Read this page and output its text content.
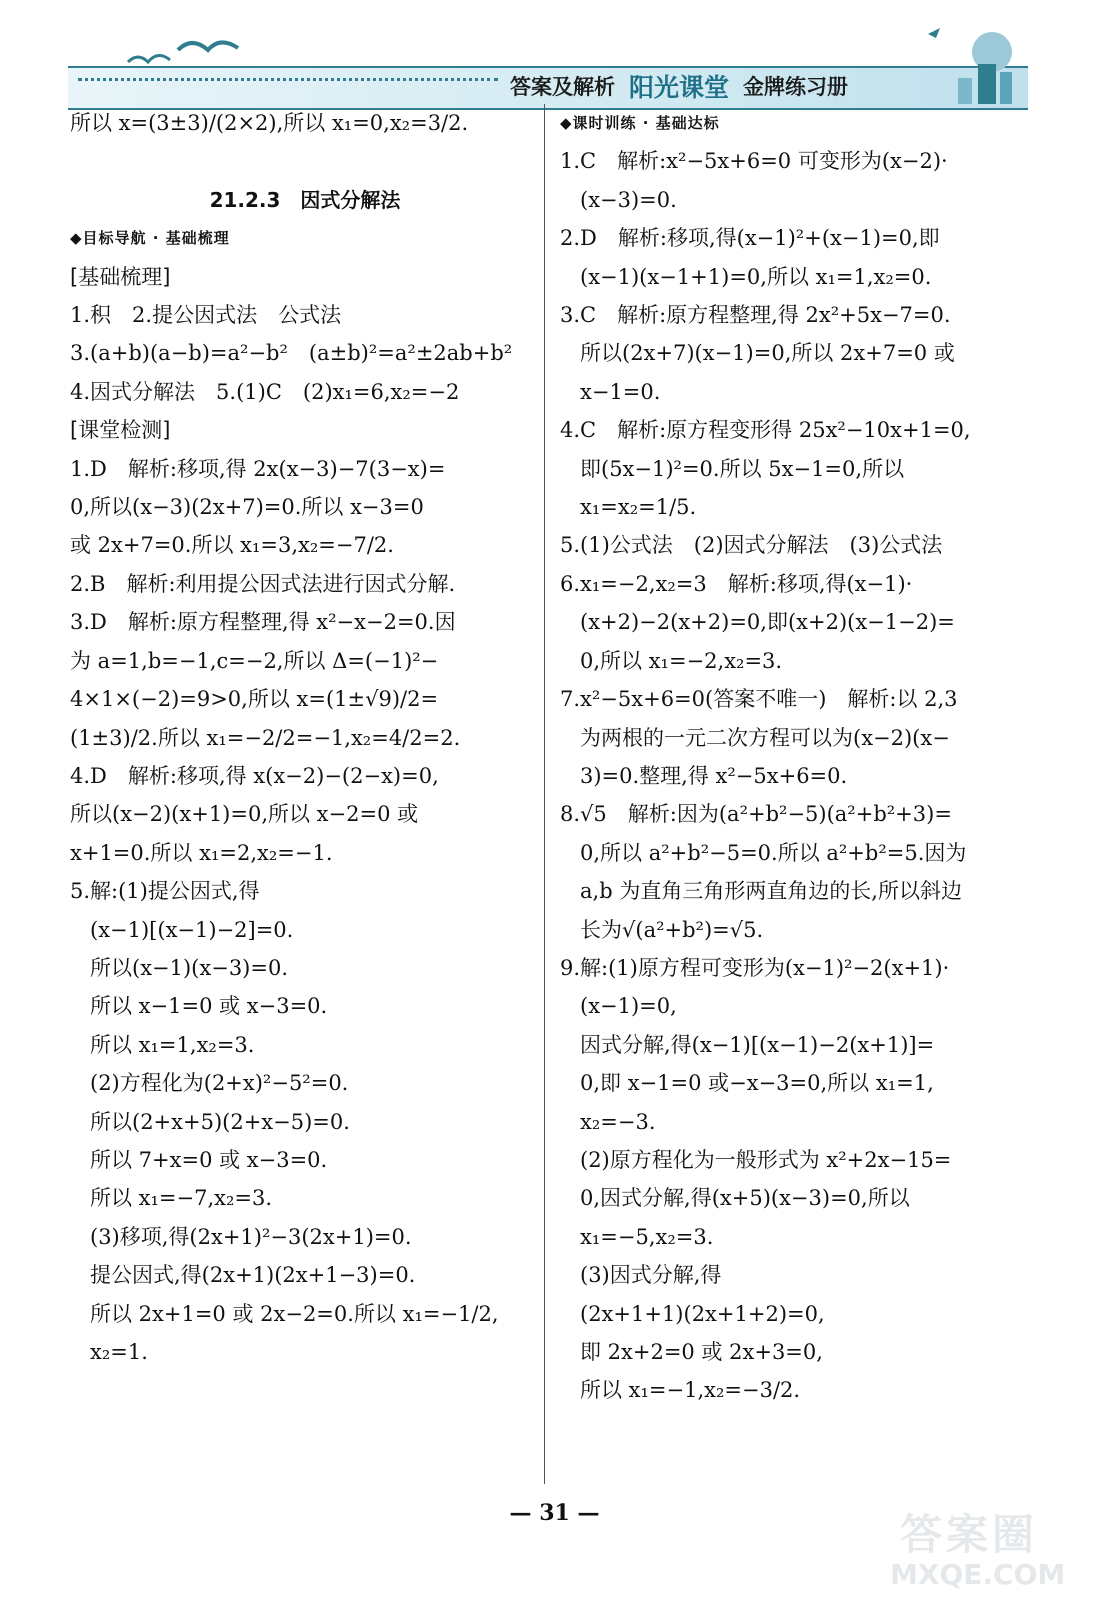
答案及解析 阳光课堂 金牌练习册
所以 x=(3±3)/(2×2),所以 x₁=0,x₂=3/2.

21.2.3　因式分解法
◆目标导航 · 基础梳理
[基础梳理]
1.积　2.提公因式法　公式法
3.(a+b)(a−b)=a²−b²　(a±b)²=a²±2ab+b²
4.因式分解法　5.(1)C　(2)x₁=6,x₂=−2
[课堂检测]
1.D　解析:移项,得 2x(x−3)−7(3−x)=
0,所以(x−3)(2x+7)=0.所以 x−3=0
或 2x+7=0.所以 x₁=3,x₂=−7/2.
2.B　解析:利用提公因式法进行因式分解.
3.D　解析:原方程整理,得 x²−x−2=0.因
为 a=1,b=−1,c=−2,所以 Δ=(−1)²−
4×1×(−2)=9>0,所以 x=(1±√9)/2=
(1±3)/2.所以 x₁=−2/2=−1,x₂=4/2=2.
4.D　解析:移项,得 x(x−2)−(2−x)=0,
所以(x−2)(x+1)=0,所以 x−2=0 或
x+1=0.所以 x₁=2,x₂=−1.
5.解:(1)提公因式,得
(x−1)[(x−1)−2]=0.
所以(x−1)(x−3)=0.
所以 x−1=0 或 x−3=0.
所以 x₁=1,x₂=3.
(2)方程化为(2+x)²−5²=0.
所以(2+x+5)(2+x−5)=0.
所以 7+x=0 或 x−3=0.
所以 x₁=−7,x₂=3.
(3)移项,得(2x+1)²−3(2x+1)=0.
提公因式,得(2x+1)(2x+1−3)=0.
所以 2x+1=0 或 2x−2=0.所以 x₁=−1/2,
x₂=1.
◆课时训练 · 基础达标
1.C　解析:x²−5x+6=0 可变形为(x−2)·
(x−3)=0.
2.D　解析:移项,得(x−1)²+(x−1)=0,即
(x−1)(x−1+1)=0,所以 x₁=1,x₂=0.
3.C　解析:原方程整理,得 2x²+5x−7=0.
所以(2x+7)(x−1)=0,所以 2x+7=0 或
x−1=0.
4.C　解析:原方程变形得 25x²−10x+1=0,
即(5x−1)²=0.所以 5x−1=0,所以
x₁=x₂=1/5.
5.(1)公式法　(2)因式分解法　(3)公式法
6.x₁=−2,x₂=3　解析:移项,得(x−1)·
(x+2)−2(x+2)=0,即(x+2)(x−1−2)=
0,所以 x₁=−2,x₂=3.
7.x²−5x+6=0(答案不唯一)　解析:以 2,3
为两根的一元二次方程可以为(x−2)(x−
3)=0.整理,得 x²−5x+6=0.
8.√5　解析:因为(a²+b²−5)(a²+b²+3)=
0,所以 a²+b²−5=0.所以 a²+b²=5.因为
a,b 为直角三角形两直角边的长,所以斜边
长为√(a²+b²)=√5.
9.解:(1)原方程可变形为(x−1)²−2(x+1)·
(x−1)=0,
因式分解,得(x−1)[(x−1)−2(x+1)]=
0,即 x−1=0 或−x−3=0,所以 x₁=1,
x₂=−3.
(2)原方程化为一般形式为 x²+2x−15=
0,因式分解,得(x+5)(x−3)=0,所以
x₁=−5,x₂=3.
(3)因式分解,得
(2x+1+1)(2x+1+2)=0,
即 2x+2=0 或 2x+3=0,
所以 x₁=−1,x₂=−3/2.
— 31 —	答案圈
MXQE.COM
